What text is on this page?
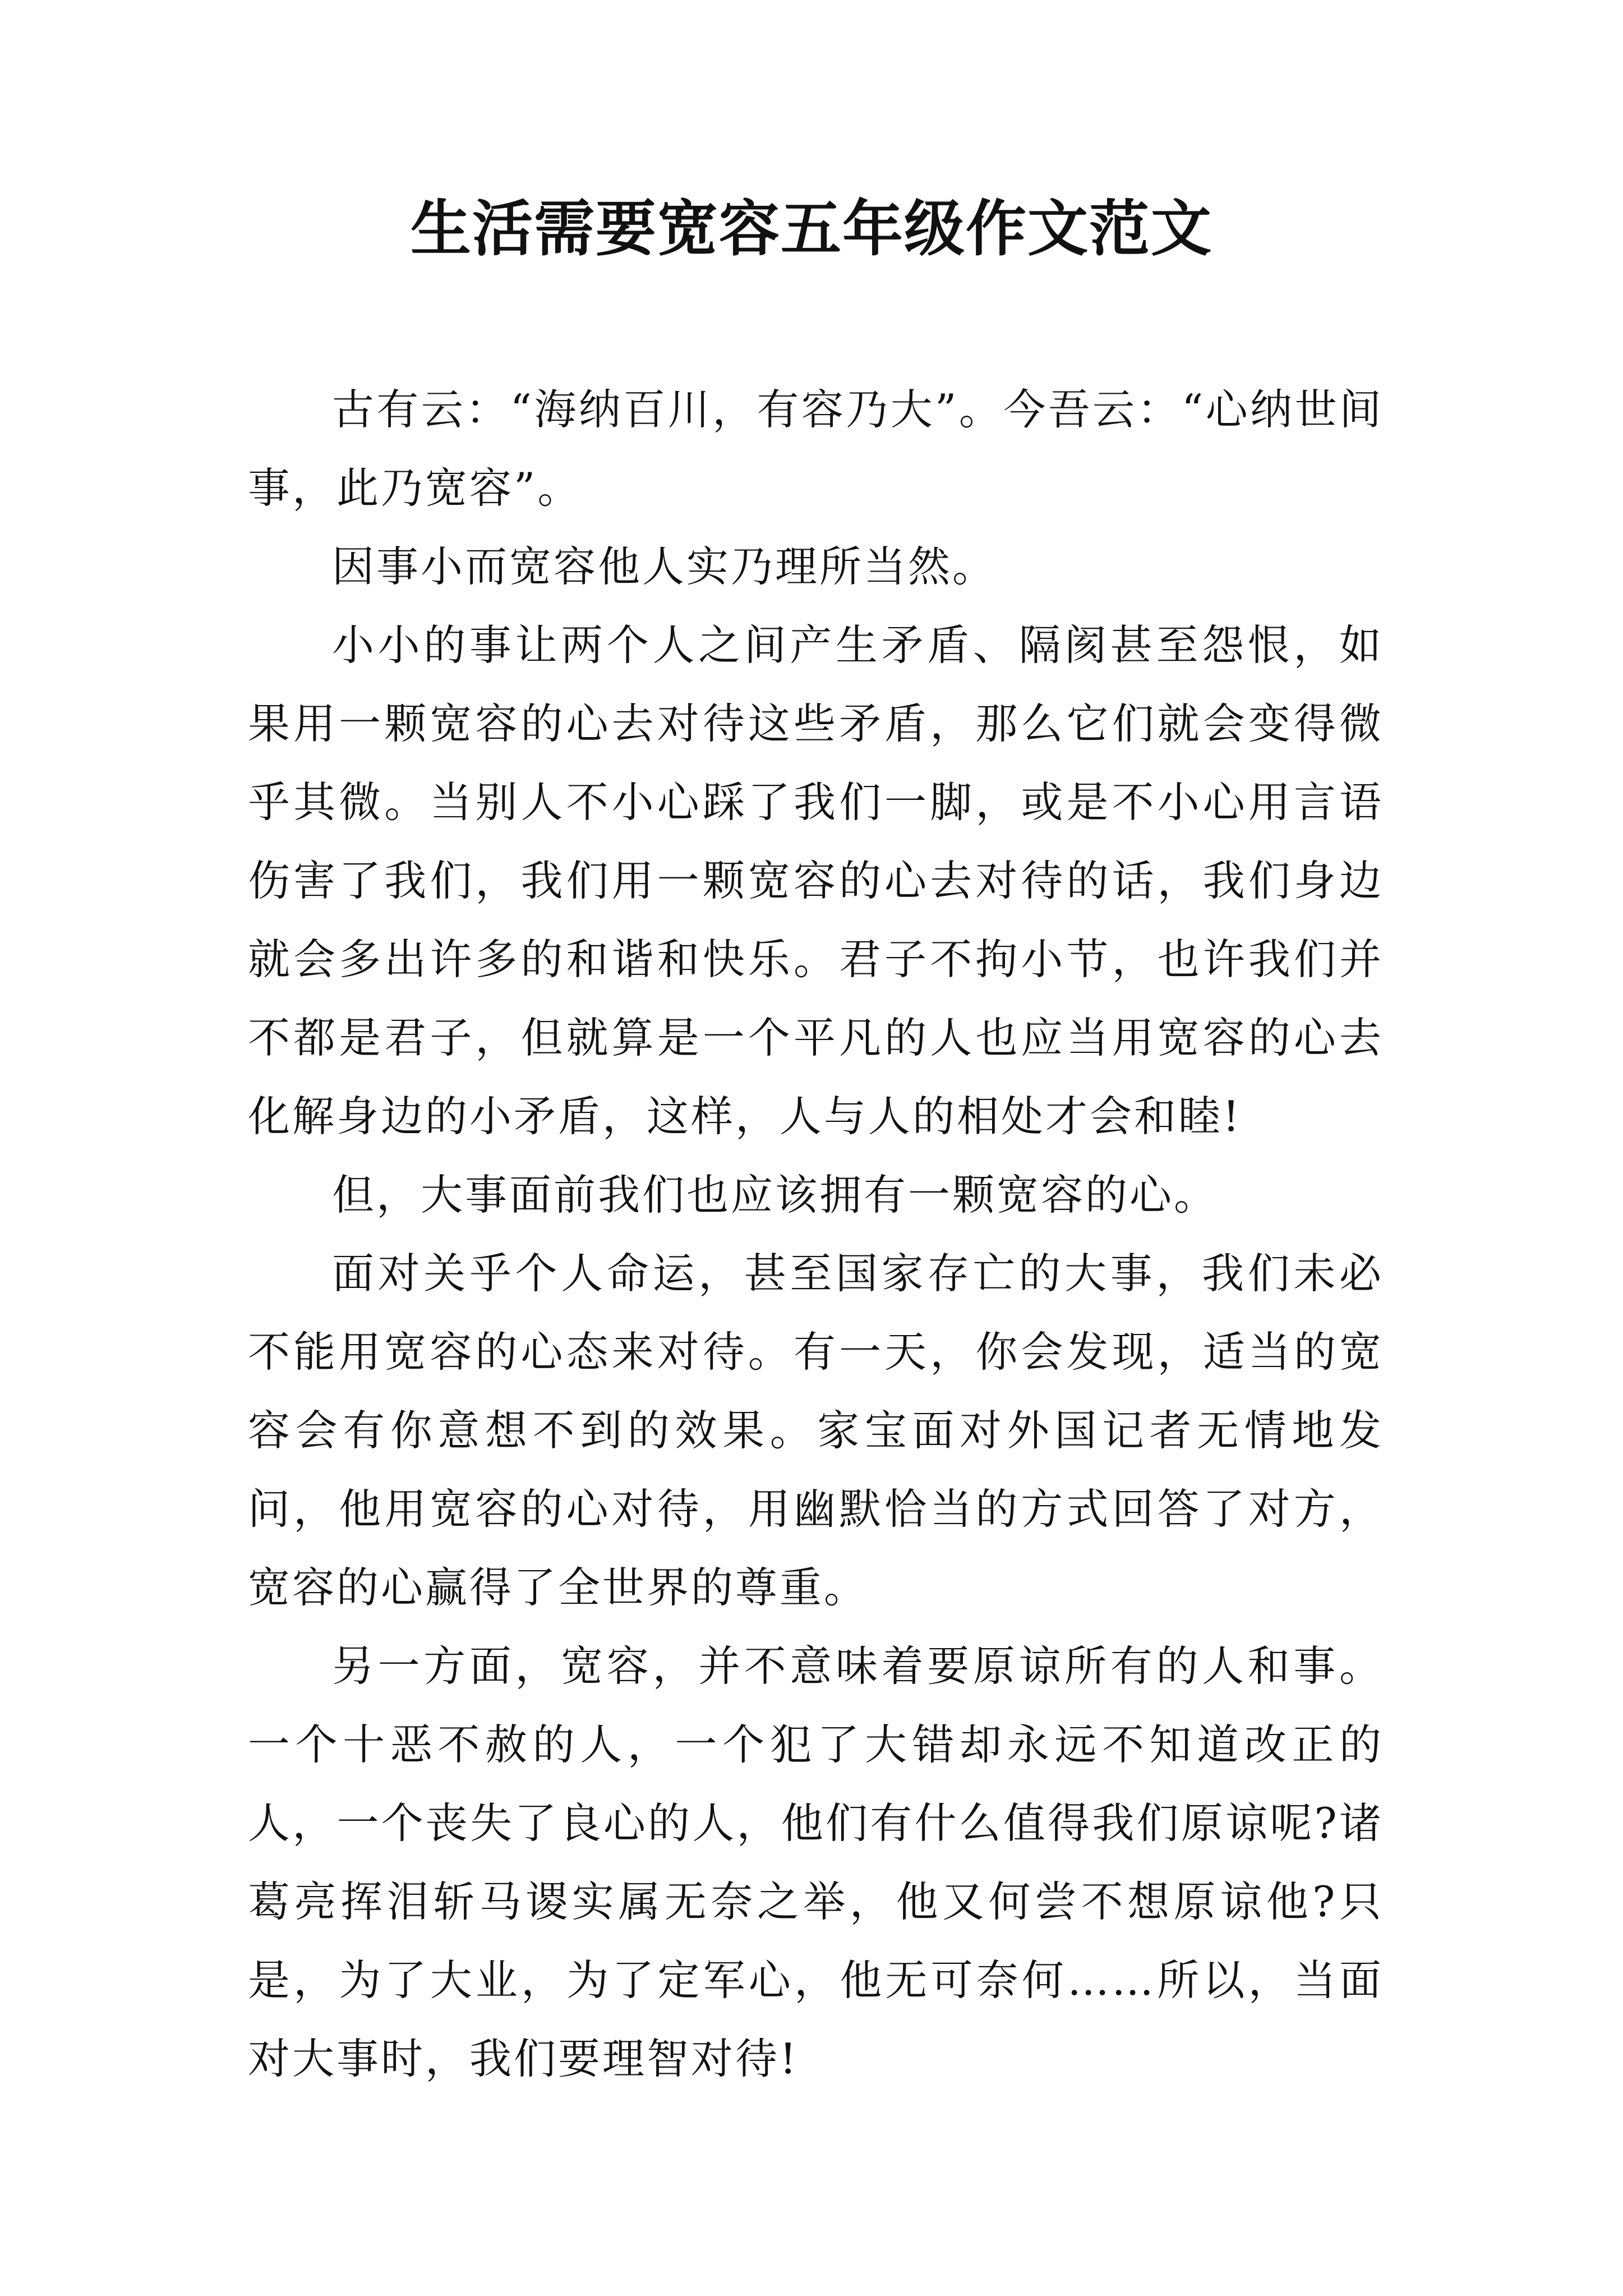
生活需要宽容五年级作文范文

古有云：“海纳百川，有容乃大”。今吾云：“心纳世间事，此乃宽容”。

因事小而宽容他人实乃理所当然。

小小的事让两个人之间产生矛盾、隔阂甚至怨恨，如果用一颗宽容的心去对待这些矛盾，那么它们就会变得微乎其微。当别人不小心踩了我们一脚，或是不小心用言语伤害了我们，我们用一颗宽容的心去对待的话，我们身边就会多出许多的和谐和快乐。君子不拘小节，也许我们并不都是君子，但就算是一个平凡的人也应当用宽容的心去化解身边的小矛盾，这样，人与人的相处才会和睦!

但，大事面前我们也应该拥有一颗宽容的心。

面对关乎个人命运，甚至国家存亡的大事，我们未必不能用宽容的心态来对待。有一天，你会发现，适当的宽容会有你意想不到的效果。家宝面对外国记者无情地发问，他用宽容的心对待，用幽默恰当的方式回答了对方，宽容的心赢得了全世界的尊重。

另一方面，宽容，并不意味着要原谅所有的人和事。一个十恶不赦的人，一个犯了大错却永远不知道改正的人，一个丧失了良心的人，他们有什么值得我们原谅呢?诸葛亮挥泪斩马谡实属无奈之举，他又何尝不想原谅他?只是，为了大业，为了定军心，他无可奈何……所以，当面对大事时，我们要理智对待!
